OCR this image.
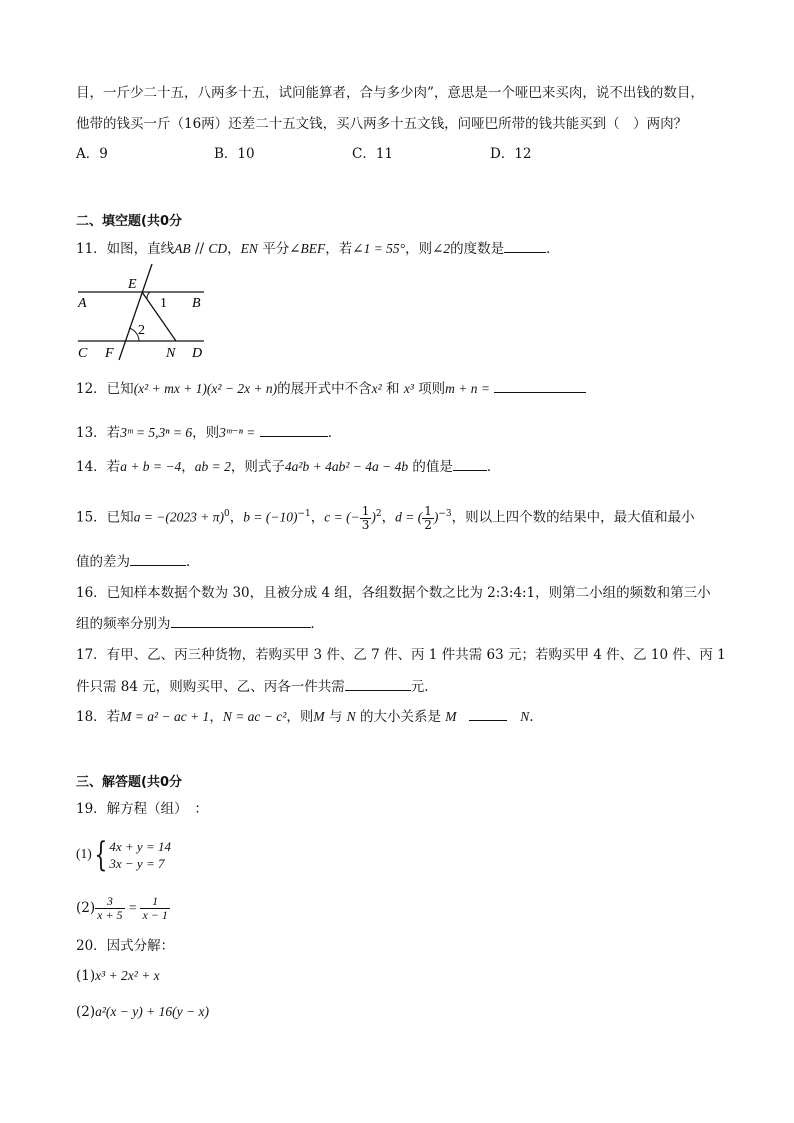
目，一斤少二十五，八两多十五，试问能算者，合与多少肉”，意思是一个哑巴来买肉，说不出钱的数目，
他带的钱买一斤（16两）还差二十五文钱，买八两多十五文钱，问哑巴所带的钱共能买到（　）两肉？
A．9	B．10	C．11	D．12
二、填空题(共0分
11．如图，直线AB // CD，EN 平分∠BEF，若∠1 = 55°，则∠2的度数是	．
E
A	B
1
2
C F	N D
12．已知(x² + mx + 1)(x² − 2x + n)的展开式中不含x² 和 x³ 项则m + n =
13．若3ᵐ = 5,3ⁿ = 6，则3ᵐ⁻ⁿ =	．
14．若a + b = −4，ab = 2，则式子4a²b + 4ab² − 4a − 4b 的值是	．
15．已知$a = -(2023 + \pi)^0$，$b = (-10)^{-1}$，c = (− $\frac{1}{3} )^2$，d = ( $\frac{1}{2} )^{-3}$，则以上四个数的结果中，最大值和最小
值的差为	．
16．已知样本数据个数为 30，且被分成 4 组，各组数据个数之比为 2:3:4:1，则第二小组的频数和第三小
组的频率分别为	．
17．有甲、乙、丙三种货物，若购买甲 3 件、乙 7 件、丙 1 件共需 63 元；若购买甲 4 件、乙 10 件、丙 1
件只需 84 元，则购买甲、乙、丙各一件共需	元．
18．若M = a² − ac + 1，N = ac − c²，则M 与 N 的大小关系是 M	N.
三、解答题(共0分
19．解方程（组）　：
(1){ 4x + y = 14
3x − y = 7
$(2) \frac{3}{x + 5} = \frac{1}{x - 1}$
20．因式分解：
(1)x³ + 2x² + x
(2)a²(x − y) + 16(y − x)
